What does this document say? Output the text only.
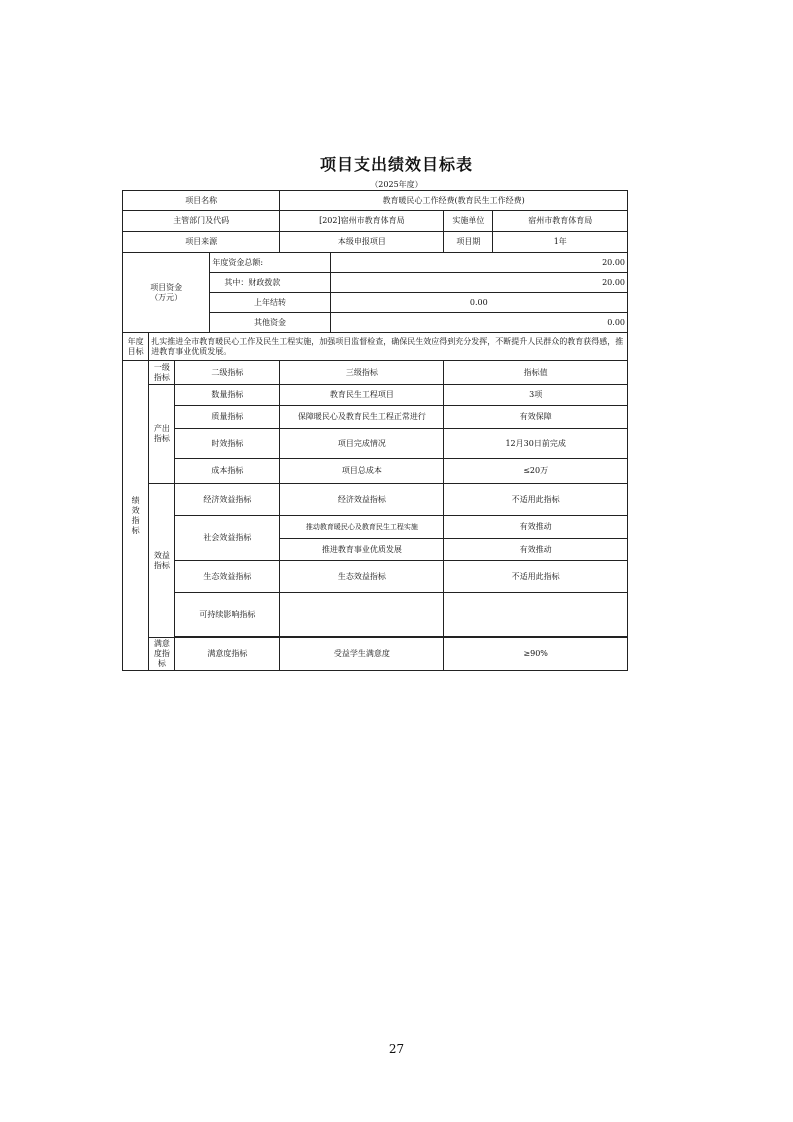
项目支出绩效目标表
（2025年度）
项目名称				教育暖民心工作经费(教育民生工作经费)			
主管部门及代码				[202]宿州市教育体育局		实施单位	宿州市教育体育局
项目来源				本级申报项目		项目期	1年

项目资金
（万元）			年度资金总额:		20.00		
			其中：财政拨款		20.00		
			上年结转		0.00		
			其他资金		0.00		
年度目标	扎实推进全市教育暖民心工作及民生工程实施，加强项目监督检查，确保民生效应得到充分发挥，不断提升人民群众的教育获得感，推进教育事业优质发展。						
绩效指标	一级指标	二级指标		三级指标		指标值	
	产出指标	数量指标		教育民生工程项目		3项	
		质量指标		保障暖民心及教育民生工程正常进行		有效保障	
		时效指标		项目完成情况		12月30日前完成	
		成本指标		项目总成本		≤20万	
	效益指标	经济效益指标		经济效益指标		不适用此指标	
		社会效益指标		推动教育暖民心及教育民生工程实施		有效推动	
				推进教育事业优质发展		有效推动	
		生态效益指标		生态效益指标		不适用此指标	
		可持续影响指标					

	满意度指标	满意度指标		受益学生满意度		≥90%	
27
